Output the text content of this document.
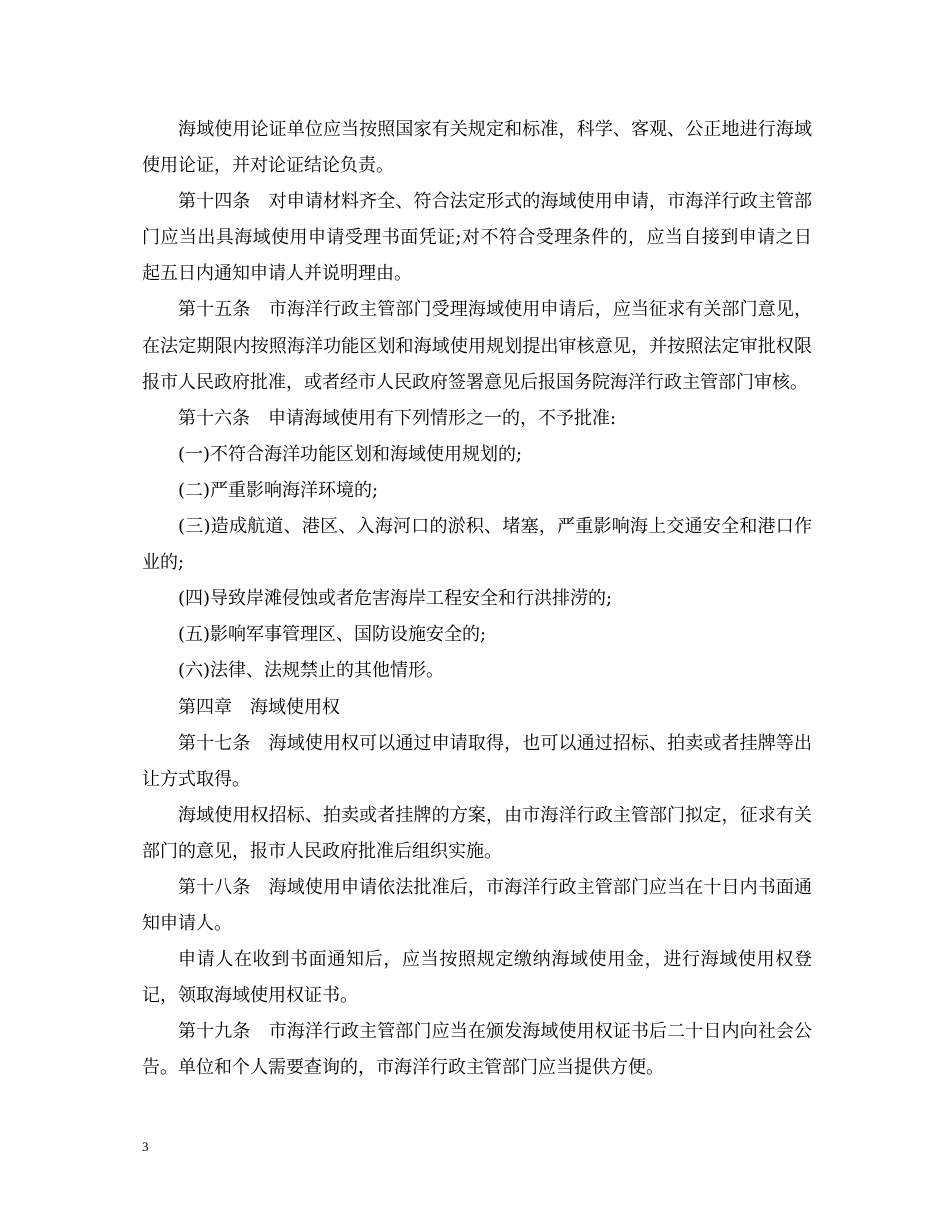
海域使用论证单位应当按照国家有关规定和标准，科学、客观、公正地进行海域使用论证，并对论证结论负责。

第十四条　对申请材料齐全、符合法定形式的海域使用申请，市海洋行政主管部门应当出具海域使用申请受理书面凭证;对不符合受理条件的，应当自接到申请之日起五日内通知申请人并说明理由。

第十五条　市海洋行政主管部门受理海域使用申请后，应当征求有关部门意见，在法定期限内按照海洋功能区划和海域使用规划提出审核意见，并按照法定审批权限报市人民政府批准，或者经市人民政府签署意见后报国务院海洋行政主管部门审核。

第十六条　申请海域使用有下列情形之一的，不予批准:

(一)不符合海洋功能区划和海域使用规划的;

(二)严重影响海洋环境的;

(三)造成航道、港区、入海河口的淤积、堵塞，严重影响海上交通安全和港口作业的;

(四)导致岸滩侵蚀或者危害海岸工程安全和行洪排涝的;

(五)影响军事管理区、国防设施安全的;

(六)法律、法规禁止的其他情形。

第四章　海域使用权

第十七条　海域使用权可以通过申请取得，也可以通过招标、拍卖或者挂牌等出让方式取得。

海域使用权招标、拍卖或者挂牌的方案，由市海洋行政主管部门拟定，征求有关部门的意见，报市人民政府批准后组织实施。

第十八条　海域使用申请依法批准后，市海洋行政主管部门应当在十日内书面通知申请人。

申请人在收到书面通知后，应当按照规定缴纳海域使用金，进行海域使用权登记，领取海域使用权证书。

第十九条　市海洋行政主管部门应当在颁发海域使用权证书后二十日内向社会公告。单位和个人需要查询的，市海洋行政主管部门应当提供方便。

3
